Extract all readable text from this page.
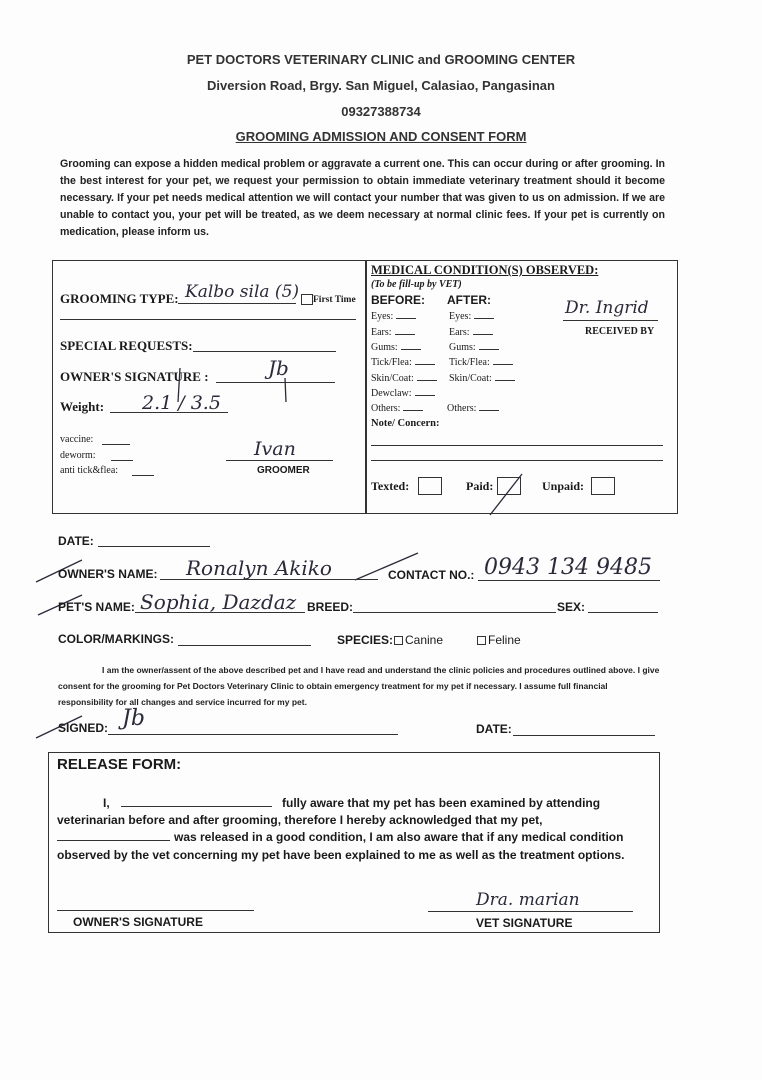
PET DOCTORS VETERINARY CLINIC and GROOMING CENTER
Diversion Road, Brgy. San Miguel, Calasiao, Pangasinan
09327388734
GROOMING ADMISSION AND CONSENT FORM
Grooming can expose a hidden medical problem or aggravate a current one. This can occur during or after grooming. In the best interest for your pet, we request your permission to obtain immediate veterinary treatment should it become necessary. If your pet needs medical attention we will contact your number that was given to us on admission. If we are unable to contact you, your pet will be treated, as we deem necessary at normal clinic fees. If your pet is currently on medication, please inform us.
GROOMING TYPE: Kalbo sila (5) First Time
SPECIAL REQUESTS:
OWNER'S SIGNATURE :	Jb
Weight: 2.1 / 3.5
vaccine:
deworm:
anti tick&flea:
Ivan
GROOMER
MEDICAL CONDITION(S) OBSERVED:
(To be fill-up by VET)
BEFORE: AFTER:
Eyes:	Eyes:
Ears:	Ears:
Gums:	Gums:
Tick/Flea:	Tick/Flea:
Skin/Coat:	Skin/Coat:
Dewclaw:
Others:	Others:
Note/ Concern:
Dr. Ingrid
RECEIVED BY
Texted:	Paid:	Unpaid:
DATE:
OWNER'S NAME: Ronalyn Akiko	CONTACT NO.: 0943 134 9485
PET'S NAME: Sophia, Dazdaz BREED:	SEX:
COLOR/MARKINGS:	SPECIES: Canine	Feline
I am the owner/assent of the above described pet and I have read and understand the clinic policies and procedures outlined above. I give consent for the grooming for Pet Doctors Veterinary Clinic to obtain emergency treatment for my pet if necessary. I assume full financial responsibility for all changes and service incurred for my pet.
SIGNED: Jb	DATE:
RELEASE FORM:
I,	fully aware that my pet has been examined by attending
veterinarian before and after grooming, therefore I hereby acknowledged that my pet,
was released in a good condition, I am also aware that if any medical condition
observed by the vet concerning my pet have been explained to me as well as the treatment options.
OWNER'S SIGNATURE
Dra. marian
VET SIGNATURE
